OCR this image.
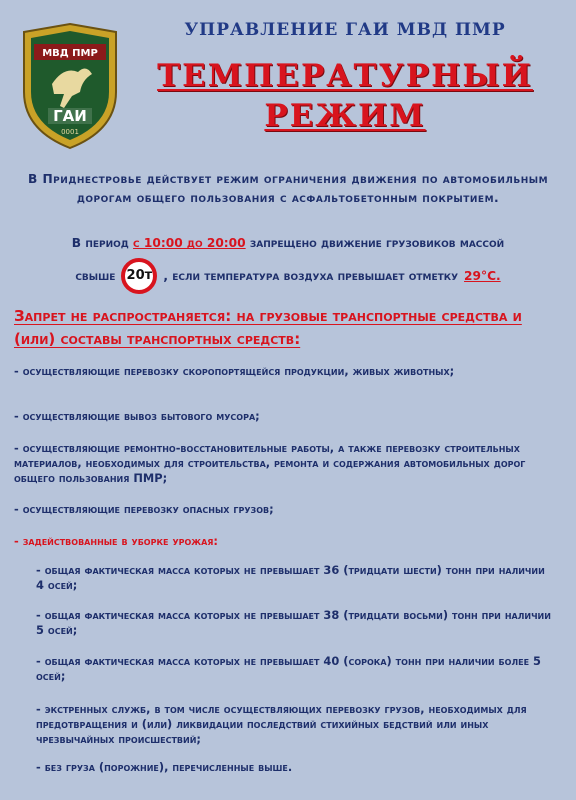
МВД ПМР
ГАИ
0001
УПРАВЛЕНИЕ ГАИ МВД ПМР
ТЕМПЕРАТУРНЫЙ
РЕЖИМ
В Приднестровье действует режим ограничения движения по автомобильным дорогам общего пользования с асфальтобетонным покрытием.
В период с 10:00 до 20:00 запрещено движение грузовиков массой
свыше 20т , если температура воздуха превышает отметку 29°С.
Запрет не распространяется: на грузовые транспортные средства и (или) составы транспортных средств:
- осуществляющие перевозку скоропортящейся продукции, живых животных;
- осуществляющие вывоз бытового мусора;
- осуществляющие ремонтно-восстановительные работы, а также перевозку строительных материалов, необходимых для строительства, ремонта и содержания автомобильных дорог общего пользования ПМР;
- осуществляющие перевозку опасных грузов;
- задействованные в уборке урожая:
- общая фактическая масса которых не превышает 36 (тридцати шести) тонн при наличии 4 осей;
- общая фактическая масса которых не превышает 38 (тридцати восьми) тонн при наличии 5 осей;
- общая фактическая масса которых не превышает 40 (сорока) тонн при наличии более 5 осей;
- экстренных служб, в том числе осуществляющих перевозку грузов, необходимых для предотвращения и (или) ликвидации последствий стихийных бедствий или иных чрезвычайных происшествий;
- без груза (порожние), перечисленные выше.
